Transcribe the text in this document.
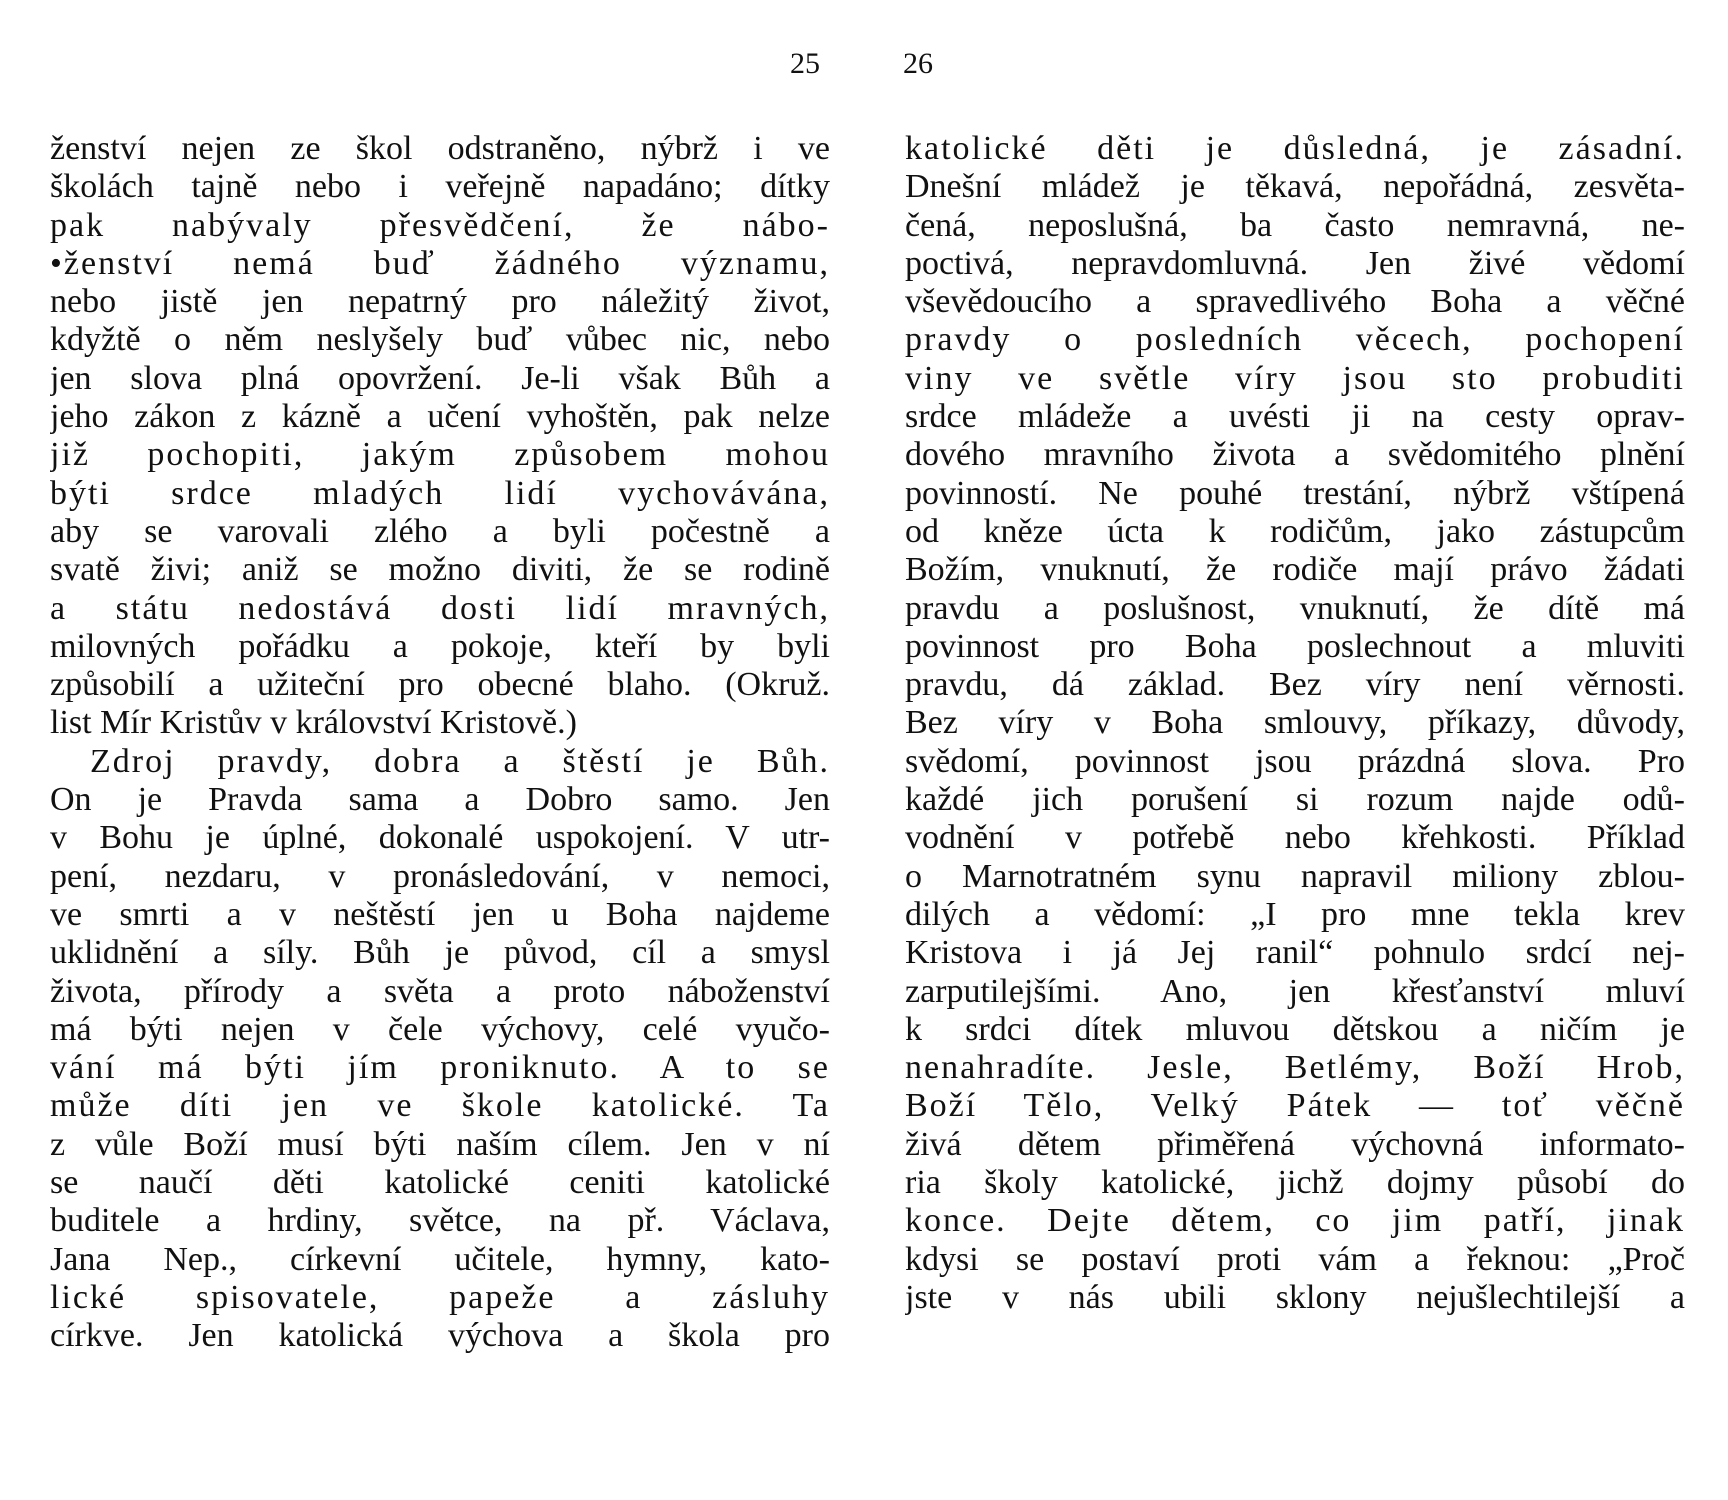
25	26
ženství nejen ze škol odstraněno, nýbrž i ve
školách tajně nebo i veřejně napadáno; dítky
pak nabývaly přesvědčení, že nábo-
•ženství nemá buď žádného významu,
nebo jistě jen nepatrný pro náležitý život,
kdyžtě o něm neslyšely buď vůbec nic, nebo
jen slova plná opovržení. Je-li však Bůh a
jeho zákon z kázně a učení vyhoštěn, pak nelze
již pochopiti, jakým způsobem mohou
býti srdce mladých lidí vychovávána,
aby se varovali zlého a byli počestně a
svatě živi; aniž se možno diviti, že se rodině
a státu nedostává dosti lidí mravných,
milovných pořádku a pokoje, kteří by byli
způsobilí a užiteční pro obecné blaho. (Okruž.
list Mír Kristův v království Kristově.)
Zdroj pravdy, dobra a štěstí je Bůh.
On je Pravda sama a Dobro samo. Jen
v Bohu je úplné, dokonalé uspokojení. V utr-
pení, nezdaru, v pronásledování, v nemoci,
ve smrti a v neštěstí jen u Boha najdeme
uklidnění a síly. Bůh je původ, cíl a smysl
života, přírody a světa a proto náboženství
má býti nejen v čele výchovy, celé vyučo-
vání má býti jím proniknuto. A to se
může díti jen ve škole katolické. Ta
z vůle Boží musí býti naším cílem. Jen v ní
se naučí děti katolické ceniti katolické
buditele a hrdiny, světce, na př. Václava,
Jana Nep., církevní učitele, hymny, kato-
lické spisovatele, papeže a zásluhy
církve. Jen katolická výchova a škola pro
katolické děti je důsledná, je zásadní.
Dnešní mládež je těkavá, nepořádná, zesvěta-
čená, neposlušná, ba často nemravná, ne-
poctivá, nepravdomluvná. Jen živé vědomí
vševědoucího a spravedlivého Boha a věčné
pravdy o posledních věcech, pochopení
viny ve světle víry jsou sto probuditi
srdce mládeže a uvésti ji na cesty oprav-
dového mravního života a svědomitého plnění
povinností. Ne pouhé trestání, nýbrž vštípená
od kněze úcta k rodičům, jako zástupcům
Božím, vnuknutí, že rodiče mají právo žádati
pravdu a poslušnost, vnuknutí, že dítě má
povinnost pro Boha poslechnout a mluviti
pravdu, dá základ. Bez víry není věrnosti.
Bez víry v Boha smlouvy, příkazy, důvody,
svědomí, povinnost jsou prázdná slova. Pro
každé jich porušení si rozum najde odů-
vodnění v potřebě nebo křehkosti. Příklad
o Marnotratném synu napravil miliony zblou-
dilých a vědomí: „I pro mne tekla krev
Kristova i já Jej ranil“ pohnulo srdcí nej-
zarputilejšími. Ano, jen křesťanství mluví
k srdci dítek mluvou dětskou a ničím je
nenahradíte. Jesle, Betlémy, Boží Hrob,
Boží Tělo, Velký Pátek — toť věčně
živá dětem přiměřená výchovná informato-
ria školy katolické, jichž dojmy působí do
konce. Dejte dětem, co jim patří, jinak
kdysi se postaví proti vám a řeknou: „Proč
jste v nás ubili sklony nejušlechtilejší a
